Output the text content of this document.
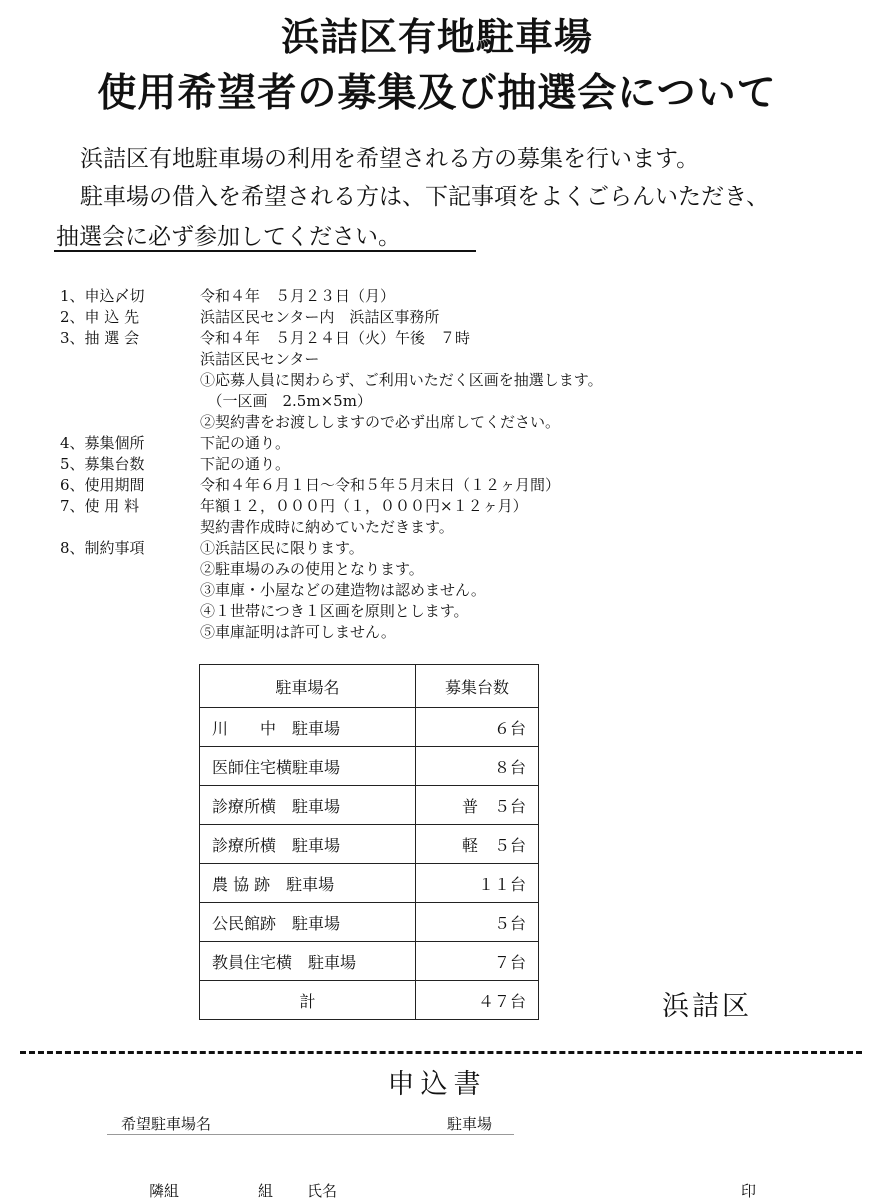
浜詰区有地駐車場
使用希望者の募集及び抽選会について
浜詰区有地駐車場の利用を希望される方の募集を行います。
駐車場の借入を希望される方は、下記事項をよくごらんいただき、
抽選会に必ず参加してください。
1、申込〆切	令和４年　５月２３日（月）
2、申 込 先	浜詰区民センター内　浜詰区事務所
3、抽 選 会	令和４年　５月２４日（火）午後　７時
浜詰区民センター
①応募人員に関わらず、ご利用いただく区画を抽選します。
　（一区画　2.5m×5m）
②契約書をお渡ししますので必ず出席してください。
4、募集個所	下記の通り。
5、募集台数	下記の通り。
6、使用期間	令和４年６月１日～令和５年５月末日（１２ヶ月間）
7、使 用 料	年額１２，０００円（１，０００円×１２ヶ月）
契約書作成時に納めていただきます。
8、制約事項	①浜詰区民に限ります。
②駐車場のみの使用となります。
③車庫・小屋などの建造物は認めません。
④１世帯につき１区画を原則とします。
⑤車庫証明は許可しません。
駐車場名	募集台数
川　　中　駐車場	６台
医師住宅横駐車場	８台
診療所横　駐車場	普　５台
診療所横　駐車場	軽　５台
農 協 跡　駐車場	１１台
公民館跡　駐車場	５台
教員住宅横　駐車場	７台
計	４７台	浜詰区
申込書
希望駐車場名	駐車場
隣組	組 氏名	印
